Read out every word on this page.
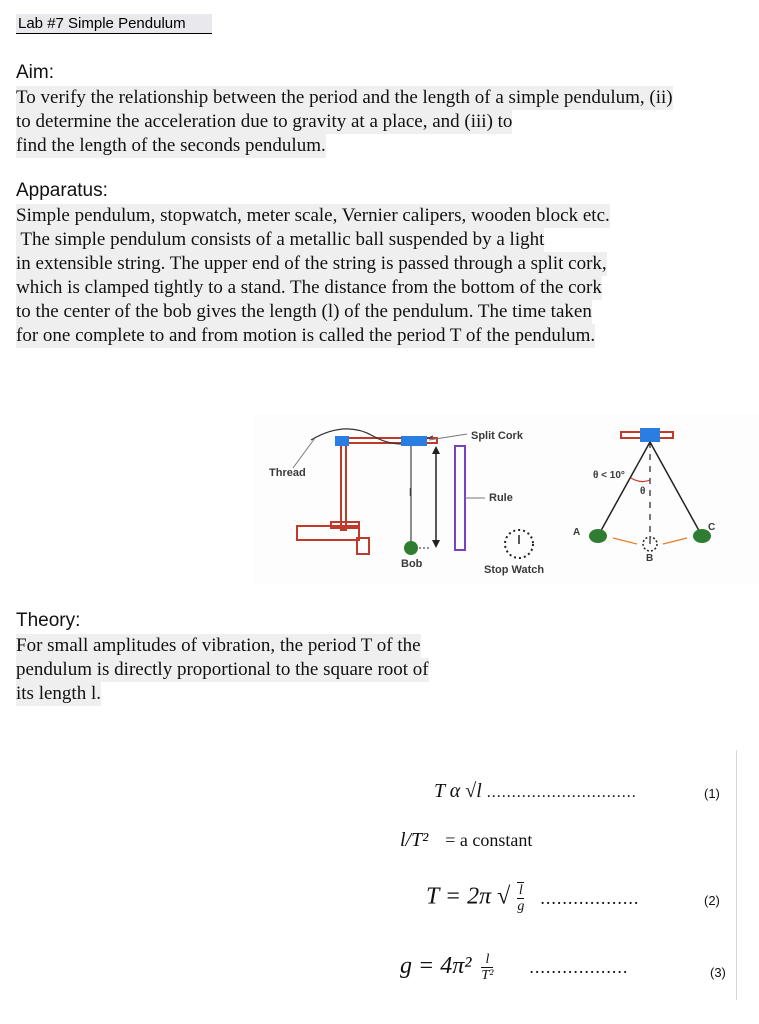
Lab #7 Simple Pendulum
Aim:
To verify the relationship between the period and the length of a simple pendulum, (ii)
to determine the acceleration due to gravity at a place, and (iii) to
find the length of the seconds pendulum.
Apparatus:
Simple pendulum, stopwatch, meter scale, Vernier calipers, wooden block etc.
The simple pendulum consists of a metallic ball suspended by a light
in extensible string. The upper end of the string is passed through a split cork,
which is clamped tightly to a stand. The distance from the bottom of the cork
to the center of the bob gives the length (l) of the pendulum. The time taken
for one complete to and from motion is called the period T of the pendulum.
Thread
Split Cork
Bob
l	Rule
Stop Watch
θ < 10°
θ
A
B
C
Theory:
For small amplitudes of vibration, the period T of the
pendulum is directly proportional to the square root of
its length l.
T α √l ..............................	(1)
l/T² = a constant
T = 2π √ $\frac{l}{g}$ ..................	(2)
$g = 4\pi^2 \frac{l}{\text{T²}}$ ..................	(3)
